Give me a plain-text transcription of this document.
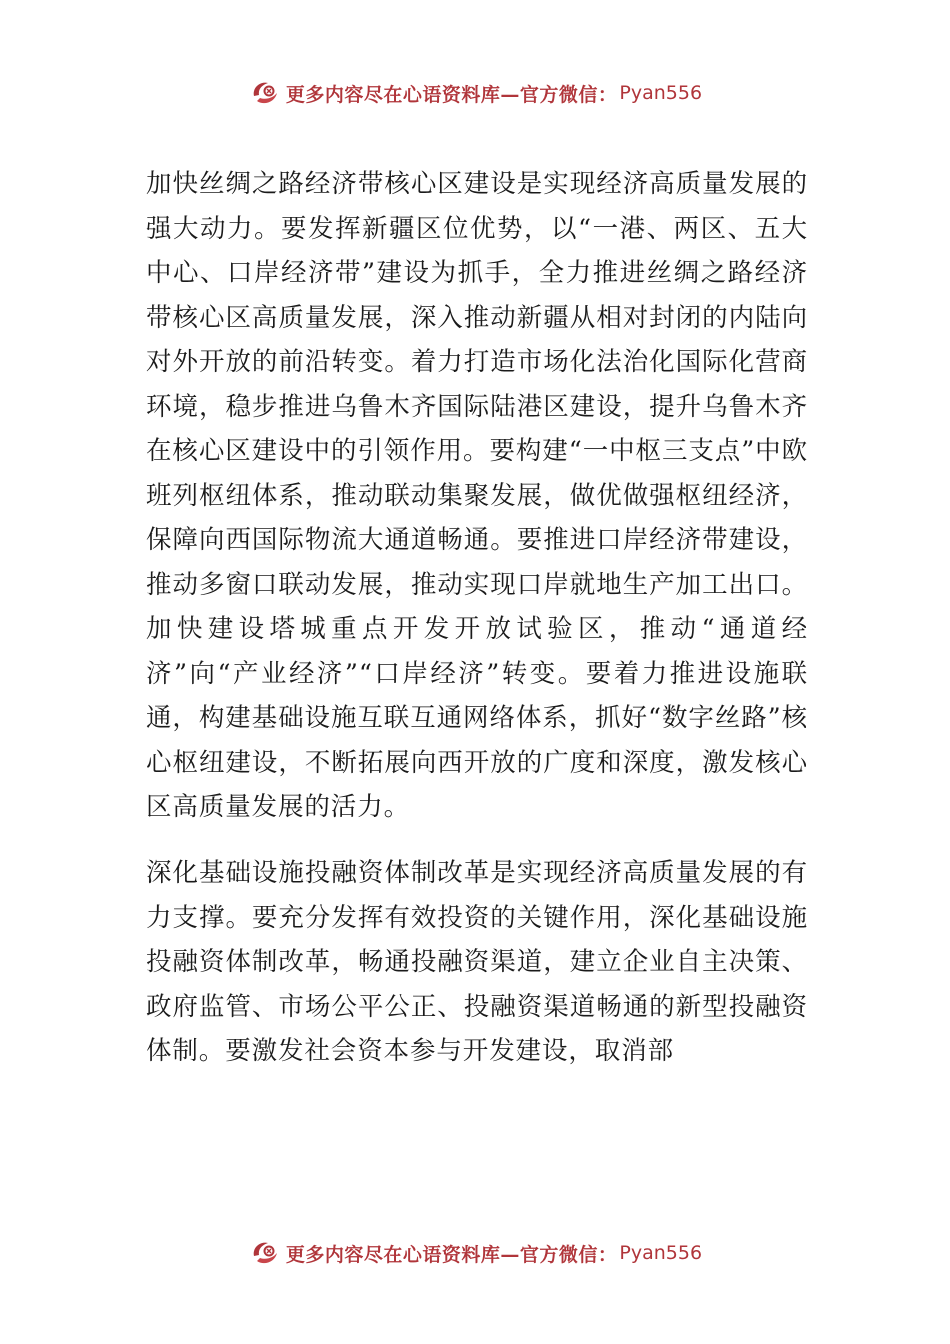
更多内容尽在心语资料库—官方微信： Pyan556

加快丝绸之路经济带核心区建设是实现经济高质量发展的强大动力。要发挥新疆区位优势，以“一港、两区、五大中心、口岸经济带”建设为抓手，全力推进丝绸之路经济带核心区高质量发展，深入推动新疆从相对封闭的内陆向对外开放的前沿转变。着力打造市场化法治化国际化营商环境，稳步推进乌鲁木齐国际陆港区建设，提升乌鲁木齐在核心区建设中的引领作用。要构建“一中枢三支点”中欧班列枢纽体系，推动联动集聚发展，做优做强枢纽经济，保障向西国际物流大通道畅通。要推进口岸经济带建设，推动多窗口联动发展，推动实现口岸就地生产加工出口。加快建设塔城重点开发开放试验区，推动“通道经济”向“产业经济”“口岸经济”转变。要着力推进设施联通，构建基础设施互联互通网络体系，抓好“数字丝路”核心枢纽建设，不断拓展向西开放的广度和深度，激发核心区高质量发展的活力。

深化基础设施投融资体制改革是实现经济高质量发展的有力支撑。要充分发挥有效投资的关键作用，深化基础设施投融资体制改革，畅通投融资渠道，建立企业自主决策、政府监管、市场公平公正、投融资渠道畅通的新型投融资体制。要激发社会资本参与开发建设，取消部

更多内容尽在心语资料库—官方微信： Pyan556
